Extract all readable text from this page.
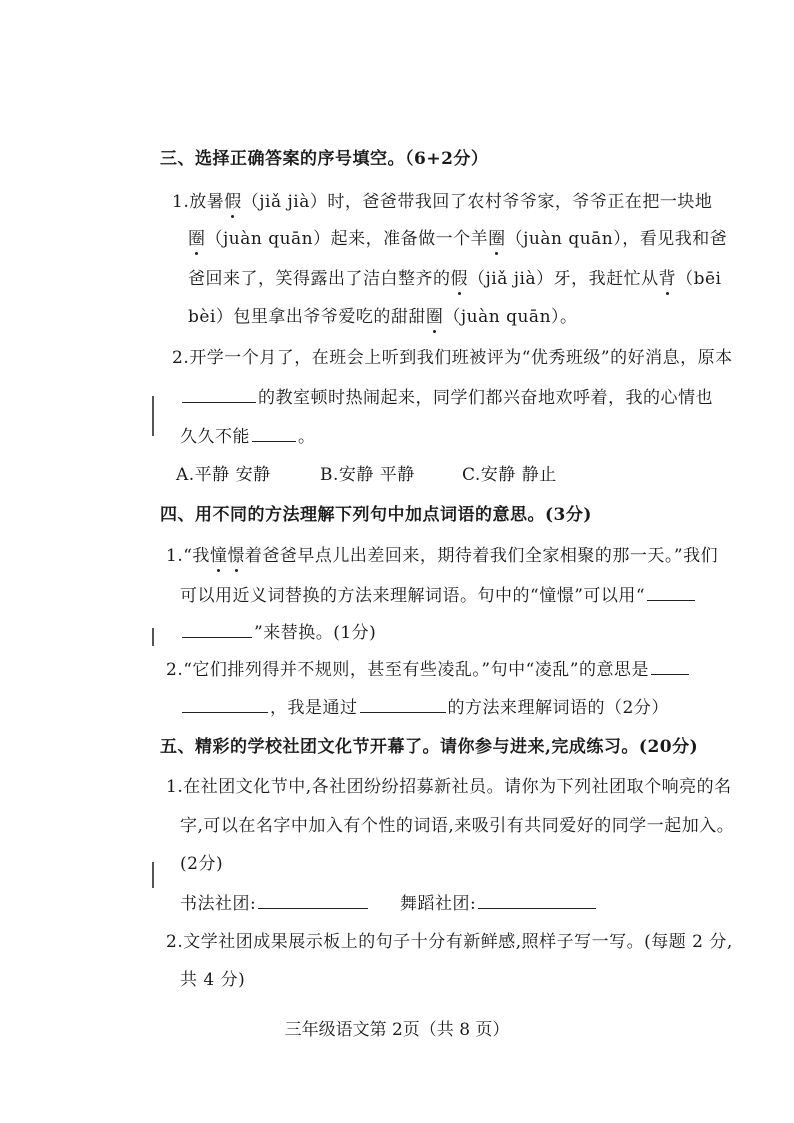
三、选择正确答案的序号填空。（6+2分）
1.放暑假（jiǎ jià）时，爸爸带我回了农村爷爷家，爷爷正在把一块地
圈（juàn quān）起来，准备做一个羊圈（juàn quān），看见我和爸
爸回来了，笑得露出了洁白整齐的假（jiǎ jià）牙，我赶忙从背（bēi
bèi）包里拿出爷爷爱吃的甜甜圈（juàn quān）。
2.开学一个月了，在班会上听到我们班被评为“优秀班级”的好消息，原本
的教室顿时热闹起来，同学们都兴奋地欢呼着，我的心情也
久久不能	。
A.平静 安静	B.安静 平静	C.安静 静止
四、用不同的方法理解下列句中加点词语的意思。(3分)
1.“我憧憬着爸爸早点儿出差回来，期待着我们全家相聚的那一天。”我们
可以用近义词替换的方法来理解词语。句中的“憧憬”可以用“
”来替换。(1分)
2.“它们排列得并不规则，甚至有些凌乱。”句中“凌乱”的意思是
，我是通过	的方法来理解词语的（2分）
五、精彩的学校社团文化节开幕了。请你参与进来,完成练习。(20分)
1.在社团文化节中,各社团纷纷招募新社员。请你为下列社团取个响亮的名
字,可以在名字中加入有个性的词语,来吸引有共同爱好的同学一起加入。
(2分)
书法社团:	舞蹈社团:
2.文学社团成果展示板上的句子十分有新鲜感,照样子写一写。(每题 2 分,
共 4 分)
三年级语文第 2页（共 8 页）
